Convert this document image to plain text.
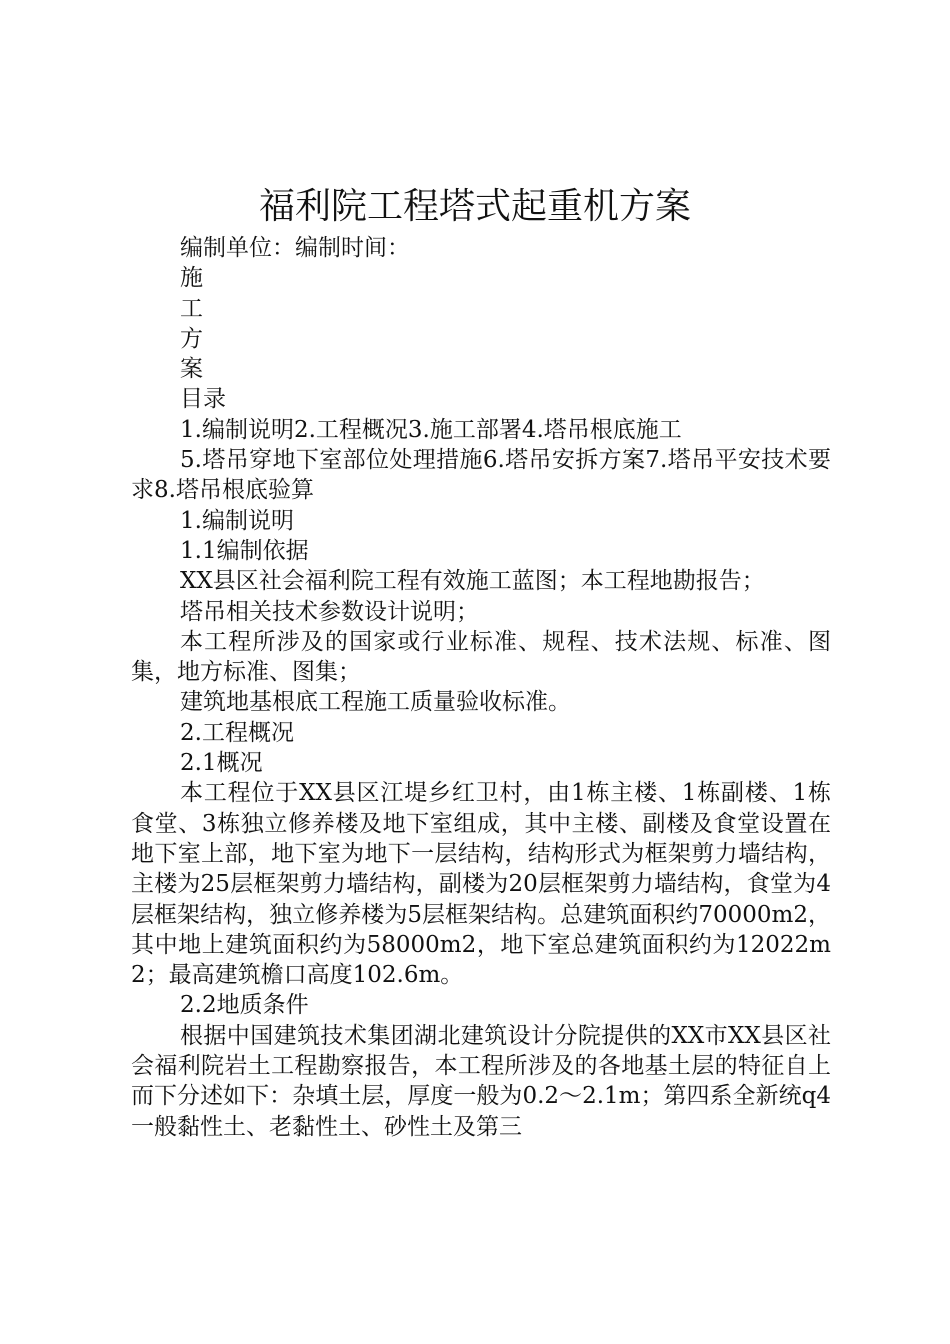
福利院工程塔式起重机方案

编制单位：编制时间：

施

工

方

案

目录

1.编制说明2.工程概况3.施工部署4.塔吊根底施工

5.塔吊穿地下室部位处理措施6.塔吊安拆方案7.塔吊平安技术要求8.塔吊根底验算

1.编制说明

1.1编制依据

XX县区社会福利院工程有效施工蓝图；本工程地勘报告；

塔吊相关技术参数设计说明；

本工程所涉及的国家或行业标准、规程、技术法规、标准、图集，地方标准、图集；

建筑地基根底工程施工质量验收标准。

2.工程概况

2.1概况

本工程位于XX县区江堤乡红卫村，由1栋主楼、1栋副楼、1栋食堂、3栋独立修养楼及地下室组成，其中主楼、副楼及食堂设置在地下室上部，地下室为地下一层结构，结构形式为框架剪力墙结构，主楼为25层框架剪力墙结构，副楼为20层框架剪力墙结构，食堂为4层框架结构，独立修养楼为5层框架结构。总建筑面积约70000m2，其中地上建筑面积约为58000m2，地下室总建筑面积约为12022m2；最高建筑檐口高度102.6m。

2.2地质条件

根据中国建筑技术集团湖北建筑设计分院提供的XX市XX县区社会福利院岩土工程勘察报告，本工程所涉及的各地基土层的特征自上而下分述如下：杂填土层，厚度一般为0.2～2.1m；第四系全新统q4一般黏性土、老黏性土、砂性土及第三
